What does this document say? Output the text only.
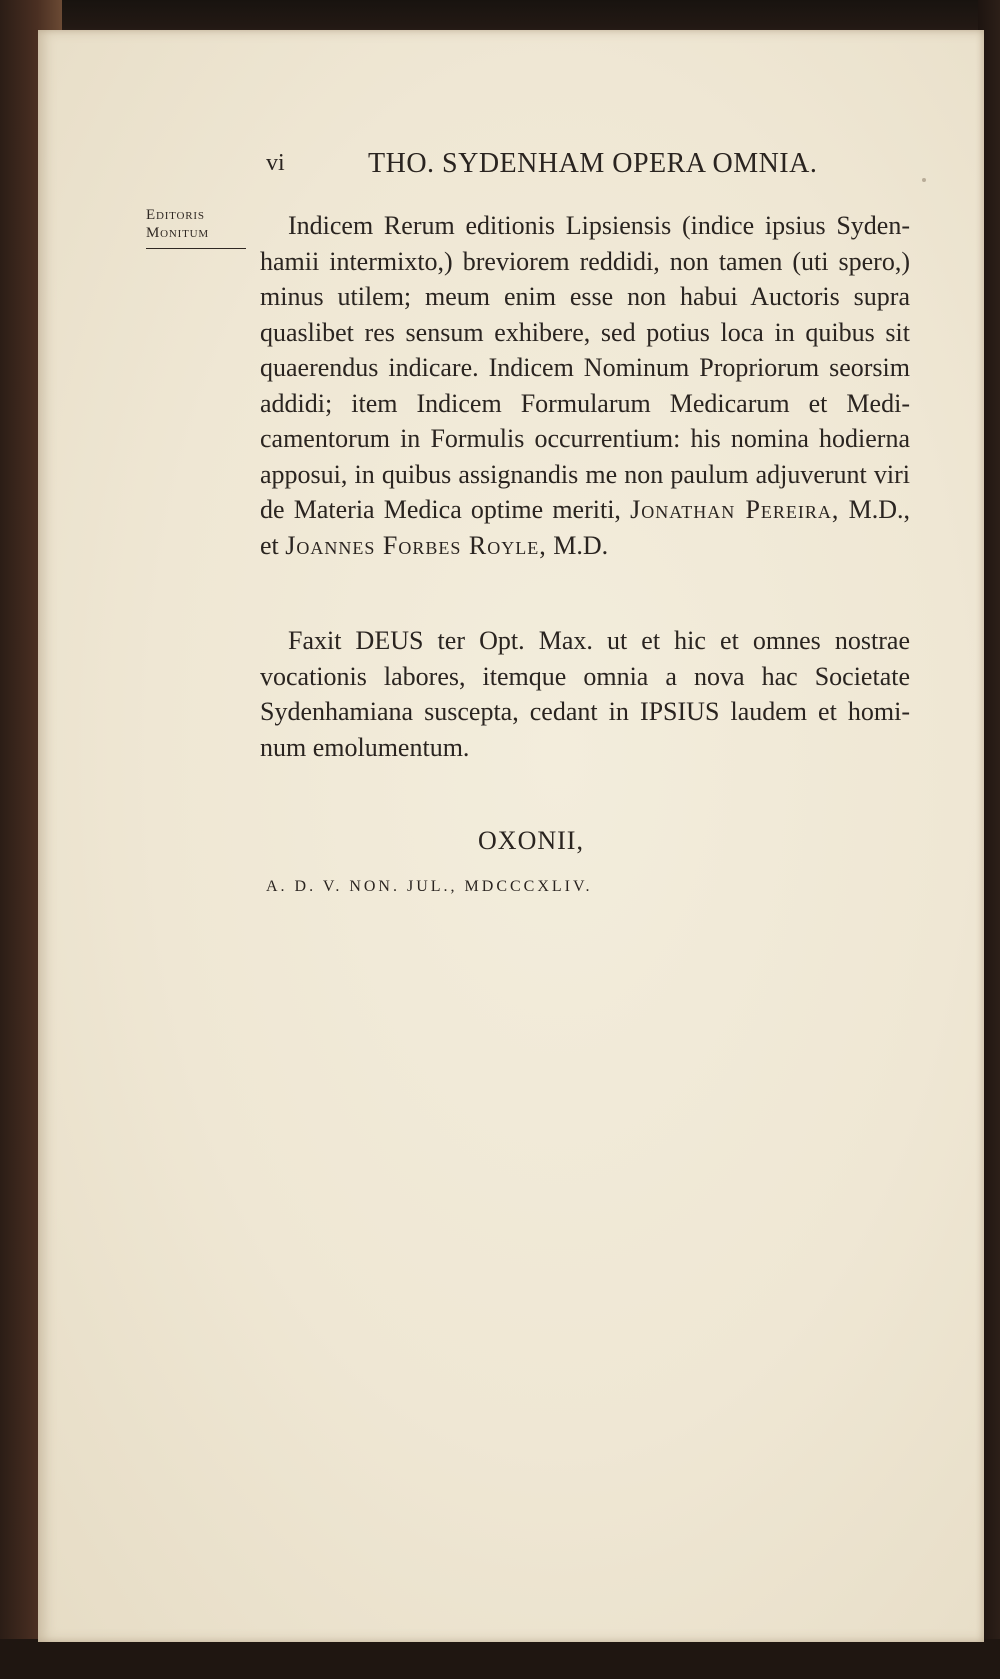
vi	THO. SYDENHAM OPERA OMNIA.
Editoris
Monitum	Indicem Rerum editionis Lipsiensis (indice ipsius Sydenhamii intermixto,) breviorem reddidi, non tamen (uti spero,) minus utilem; meum enim esse non habui Auctoris supra quaslibet res sensum exhibere, sed potius loca in quibus sit quaerendus indicare. Indicem Nominum Propriorum seorsim addidi; item Indicem Formularum Medicarum et Medicamentorum in Formulis occurrentium: his nomina hodierna apposui, in quibus assignandis me non paulum adjuverunt viri de Materia Medica optime meriti, Jonathan Pereira, M.D., et Joannes Forbes Royle, M.D.

Faxit DEUS ter Opt. Max. ut et hic et omnes nostrae vocationis labores, itemque omnia a nova hac Societate Sydenhamiana suscepta, cedant in IPSIUS laudem et hominum emolumentum.

OXONII,
A. D. V. NON. JUL., MDCCCXLIV.
